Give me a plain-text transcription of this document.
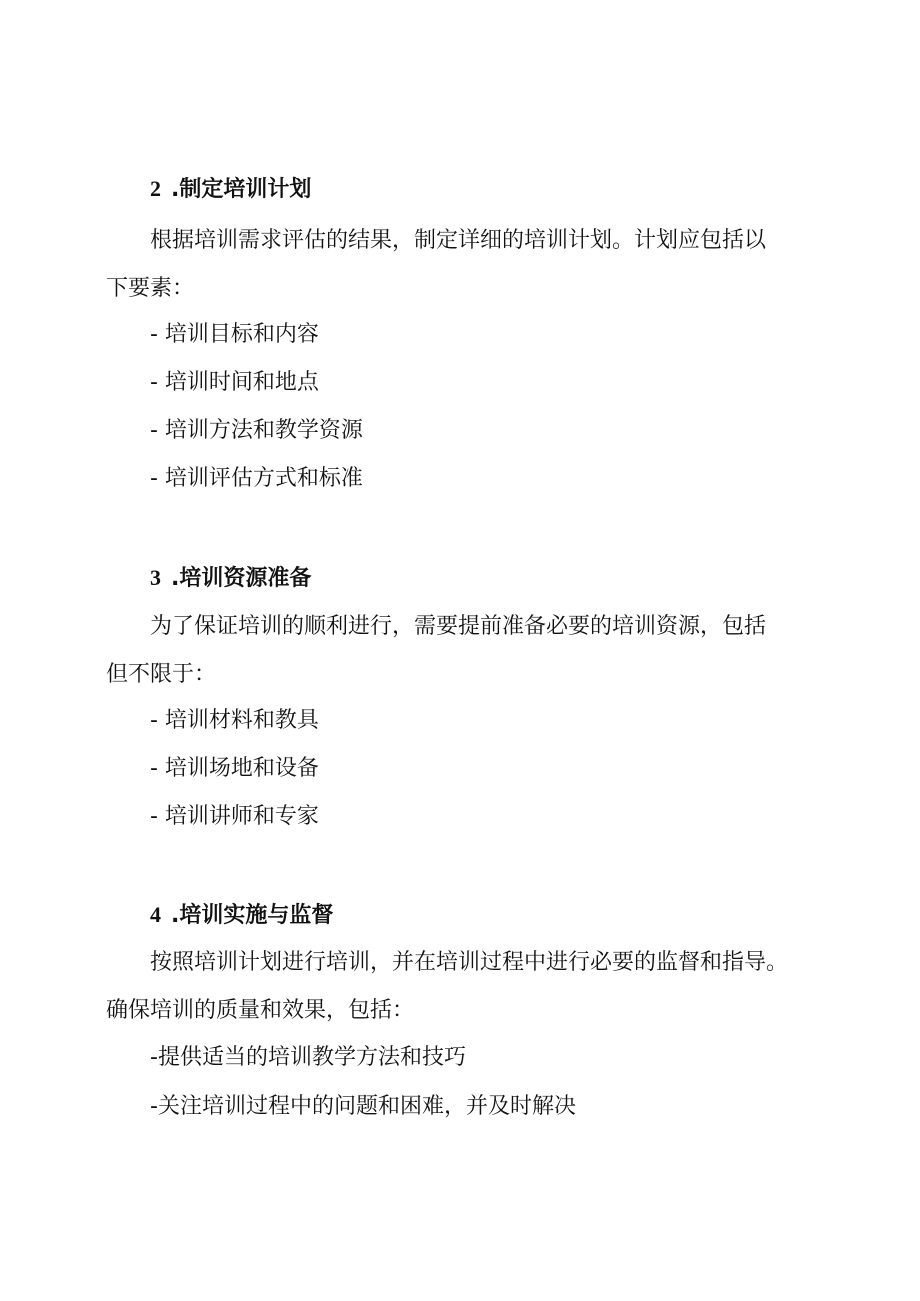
2 .制定培训计划
根据培训需求评估的结果，制定详细的培训计划。计划应包括以
下要素：
- 培训目标和内容
- 培训时间和地点
- 培训方法和教学资源
- 培训评估方式和标准
3 .培训资源准备
为了保证培训的顺利进行，需要提前准备必要的培训资源，包括
但不限于：
- 培训材料和教具
- 培训场地和设备
- 培训讲师和专家
4 .培训实施与监督
按照培训计划进行培训，并在培训过程中进行必要的监督和指导。
确保培训的质量和效果，包括：
-提供适当的培训教学方法和技巧
-关注培训过程中的问题和困难，并及时解决
